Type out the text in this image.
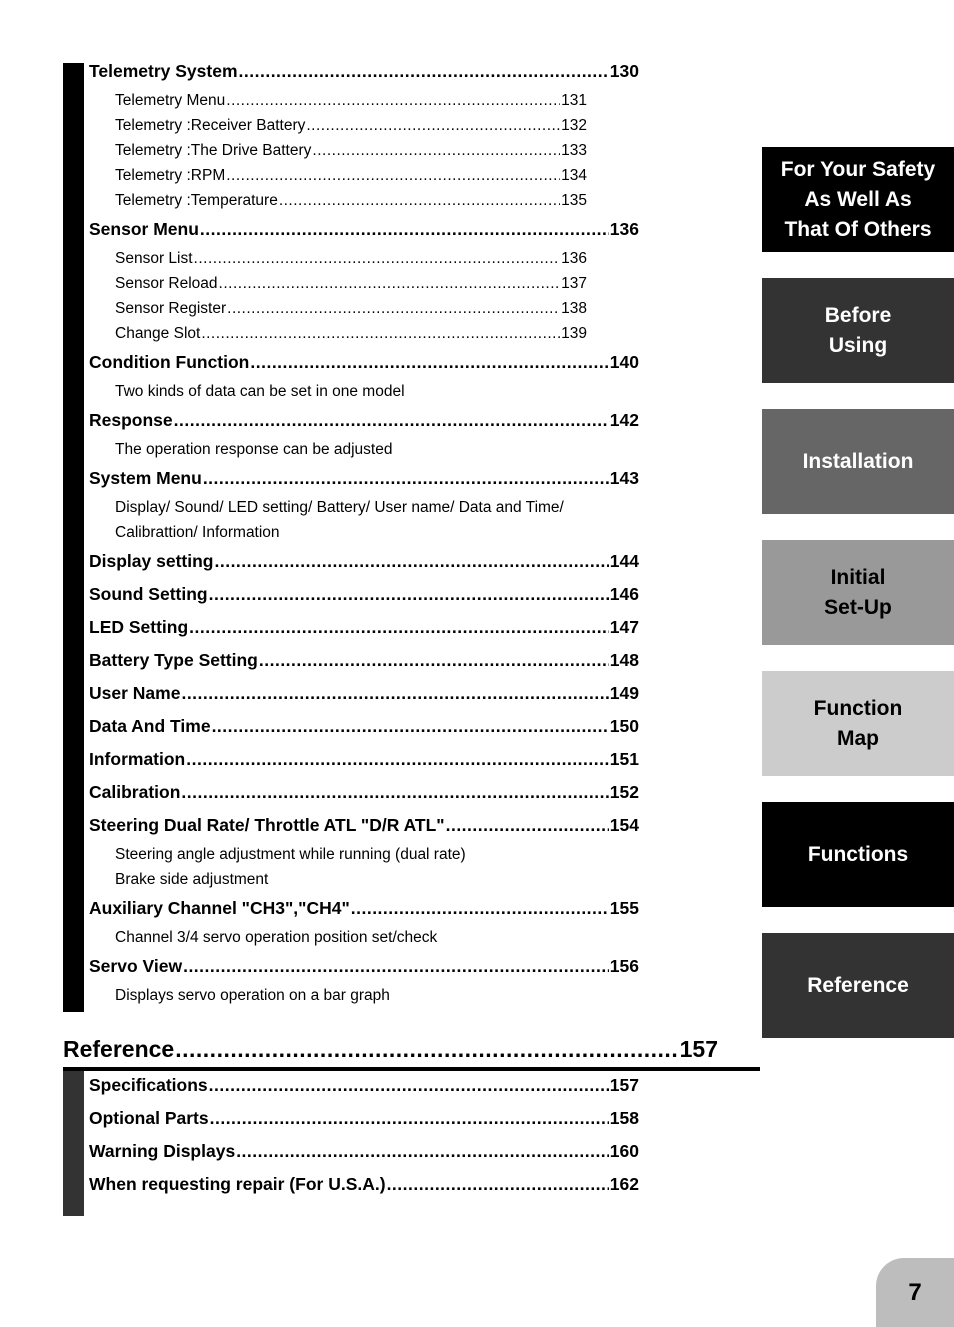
Telemetry System .....	130
Telemetry Menu .....	131
Telemetry :Receiver Battery .....	132
Telemetry :The Drive Battery .....	133
Telemetry :RPM .....	134
Telemetry :Temperature .....	135
Sensor Menu .....	136
Sensor List .....	136
Sensor Reload .....	137
Sensor Register .....	138
Change Slot .....	139
Condition Function .....	140
Two kinds of data can be set in one model
Response .....	142
The operation response can be adjusted
System Menu .....	143
Display/ Sound/ LED setting/ Battery/ User name/ Data and Time/
Calibrattion/ Information
Display setting .....	144
Sound Setting .....	146
LED Setting .....	147
Battery Type Setting .....	148
User Name .....	149
Data And Time .....	150
Information .....	151
Calibration .....	152
Steering Dual Rate/ Throttle ATL "D/R ATL" .....	154
Steering angle adjustment while running (dual rate)
Brake side adjustment
Auxiliary Channel "CH3","CH4" .....	155
Channel 3/4 servo operation position set/check
Servo View .....	156
Displays servo operation on a bar graph
Reference .....	157
Specifications .....	157
Optional Parts .....	158
Warning Displays .....	160
When requesting repair (For U.S.A.) .....	162
For Your Safety
As Well As
That Of Others
Before
Using
Installation
Initial
Set-Up
Function
Map
Functions
Reference
7
